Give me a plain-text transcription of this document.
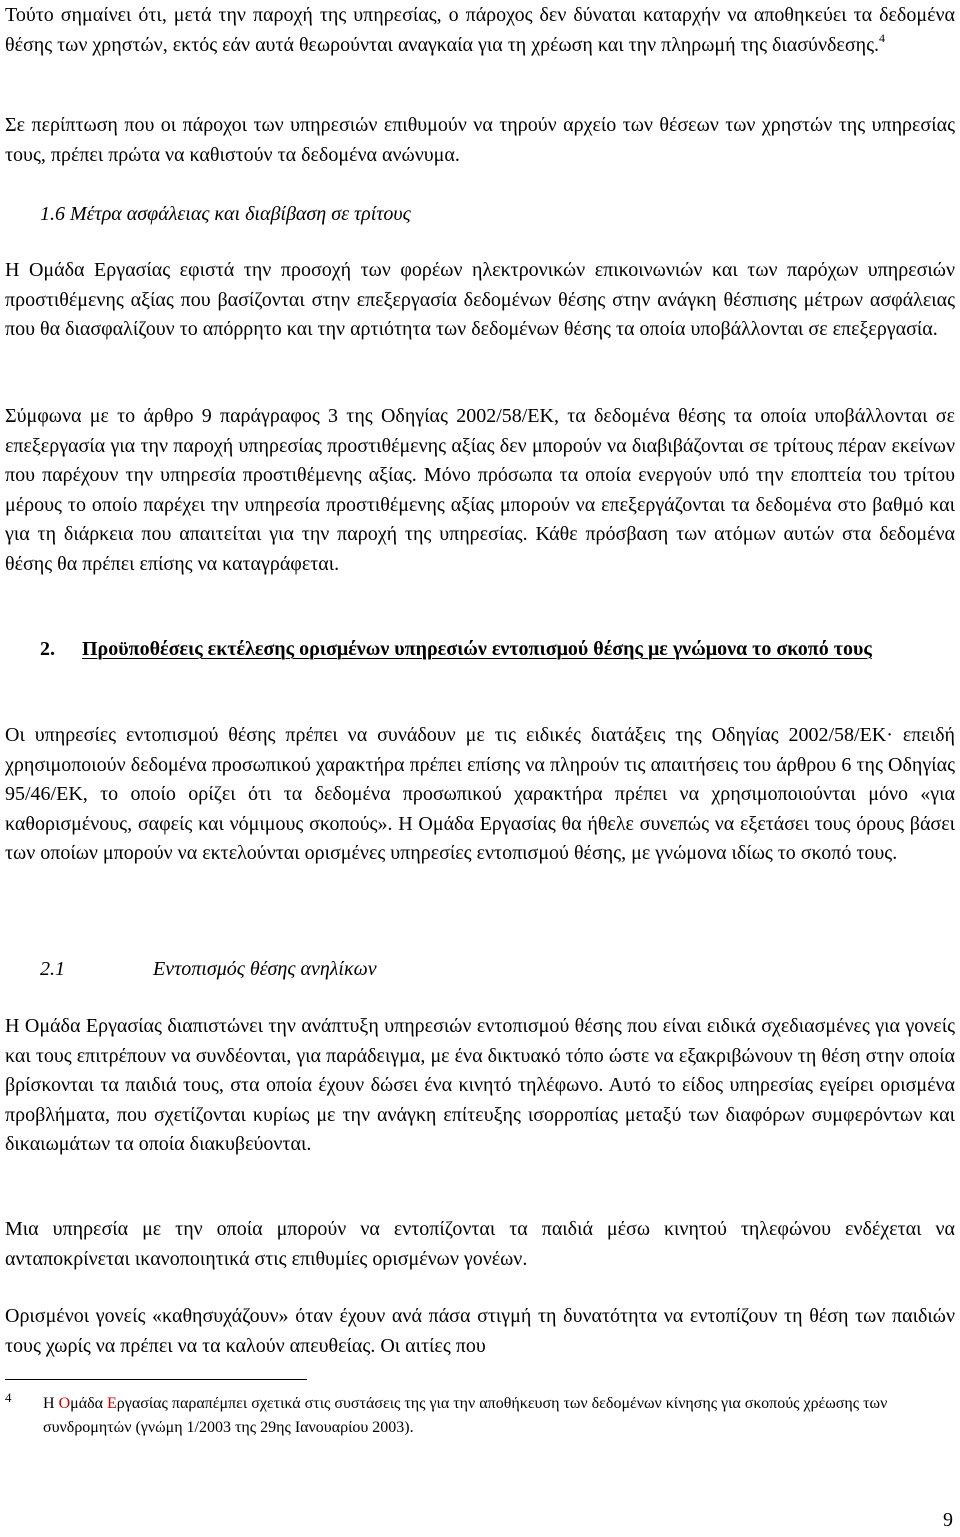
Τούτο σημαίνει ότι, μετά την παροχή της υπηρεσίας, ο πάροχος δεν δύναται καταρχήν να αποθηκεύει τα δεδομένα θέσης των χρηστών, εκτός εάν αυτά θεωρούνται αναγκαία για τη χρέωση και την πληρωμή της διασύνδεσης.$^4$

Σε περίπτωση που οι πάροχοι των υπηρεσιών επιθυμούν να τηρούν αρχείο των θέσεων των χρηστών της υπηρεσίας τους, πρέπει πρώτα να καθιστούν τα δεδομένα ανώνυμα.

1.6 Μέτρα ασφάλειας και διαβίβαση σε τρίτους

Η Ομάδα Εργασίας εφιστά την προσοχή των φορέων ηλεκτρονικών επικοινωνιών και των παρόχων υπηρεσιών προστιθέμενης αξίας που βασίζονται στην επεξεργασία δεδομένων θέσης στην ανάγκη θέσπισης μέτρων ασφάλειας που θα διασφαλίζουν το απόρρητο και την αρτιότητα των δεδομένων θέσης τα οποία υποβάλλονται σε επεξεργασία.

Σύμφωνα με το άρθρο 9 παράγραφος 3 της Οδηγίας 2002/58/ΕΚ, τα δεδομένα θέσης τα οποία υποβάλλονται σε επεξεργασία για την παροχή υπηρεσίας προστιθέμενης αξίας δεν μπορούν να διαβιβάζονται σε τρίτους πέραν εκείνων που παρέχουν την υπηρεσία προστιθέμενης αξίας. Μόνο πρόσωπα τα οποία ενεργούν υπό την εποπτεία του τρίτου μέρους το οποίο παρέχει την υπηρεσία προστιθέμενης αξίας μπορούν να επεξεργάζονται τα δεδομένα στο βαθμό και για τη διάρκεια που απαιτείται για την παροχή της υπηρεσίας. Κάθε πρόσβαση των ατόμων αυτών στα δεδομένα θέσης θα πρέπει επίσης να καταγράφεται.

2.	Προϋποθέσεις εκτέλεσης ορισμένων υπηρεσιών εντοπισμού θέσης με γνώμονα το σκοπό τους

Οι υπηρεσίες εντοπισμού θέσης πρέπει να συνάδουν με τις ειδικές διατάξεις της Οδηγίας 2002/58/ΕΚ· επειδή χρησιμοποιούν δεδομένα προσωπικού χαρακτήρα πρέπει επίσης να πληρούν τις απαιτήσεις του άρθρου 6 της Οδηγίας 95/46/ΕΚ, το οποίο ορίζει ότι τα δεδομένα προσωπικού χαρακτήρα πρέπει να χρησιμοποιούνται μόνο «για καθορισμένους, σαφείς και νόμιμους σκοπούς». Η Ομάδα Εργασίας θα ήθελε συνεπώς να εξετάσει τους όρους βάσει των οποίων μπορούν να εκτελούνται ορισμένες υπηρεσίες εντοπισμού θέσης, με γνώμονα ιδίως το σκοπό τους.

2.1	Εντοπισμός θέσης ανηλίκων

Η Ομάδα Εργασίας διαπιστώνει την ανάπτυξη υπηρεσιών εντοπισμού θέσης που είναι ειδικά σχεδιασμένες για γονείς και τους επιτρέπουν να συνδέονται, για παράδειγμα, με ένα δικτυακό τόπο ώστε να εξακριβώνουν τη θέση στην οποία βρίσκονται τα παιδιά τους, στα οποία έχουν δώσει ένα κινητό τηλέφωνο. Αυτό το είδος υπηρεσίας εγείρει ορισμένα προβλήματα, που σχετίζονται κυρίως με την ανάγκη επίτευξης ισορροπίας μεταξύ των διαφόρων συμφερόντων και δικαιωμάτων τα οποία διακυβεύονται.

Μια υπηρεσία με την οποία μπορούν να εντοπίζονται τα παιδιά μέσω κινητού τηλεφώνου ενδέχεται να ανταποκρίνεται ικανοποιητικά στις επιθυμίες ορισμένων γονέων.

Ορισμένοι γονείς «καθησυχάζουν» όταν έχουν ανά πάσα στιγμή τη δυνατότητα να εντοπίζουν τη θέση των παιδιών τους χωρίς να πρέπει να τα καλούν απευθείας. Οι αιτίες που

4 Η Ομάδα Εργασίας παραπέμπει σχετικά στις συστάσεις της για την αποθήκευση των δεδομένων κίνησης για σκοπούς χρέωσης των συνδρομητών (γνώμη 1/2003 της 29ης Ιανουαρίου 2003).

9
